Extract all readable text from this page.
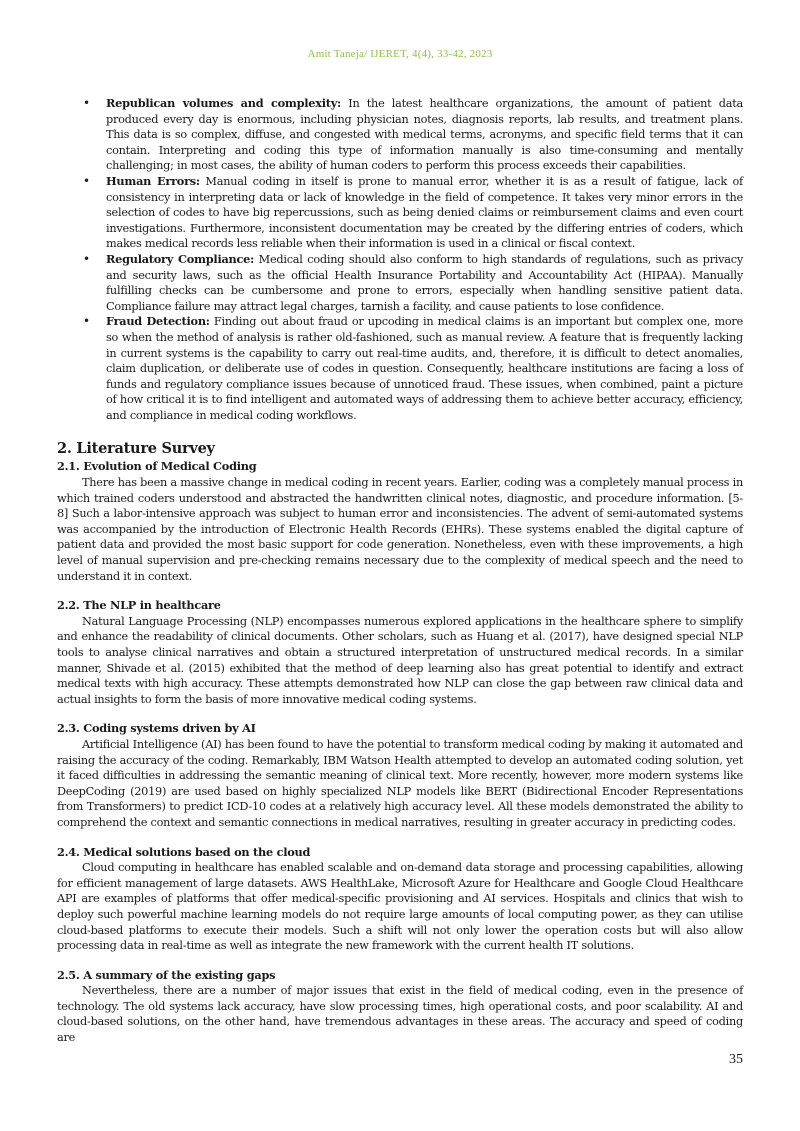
Amit Taneja/ IJERET, 4(4), 33-42, 2023
• Republican volumes and complexity: In the latest healthcare organizations, the amount of patient data produced every day is enormous, including physician notes, diagnosis reports, lab results, and treatment plans. This data is so complex, diffuse, and congested with medical terms, acronyms, and specific field terms that it can contain. Interpreting and coding this type of information manually is also time-consuming and mentally challenging; in most cases, the ability of human coders to perform this process exceeds their capabilities.
• Human Errors: Manual coding in itself is prone to manual error, whether it is as a result of fatigue, lack of consistency in interpreting data or lack of knowledge in the field of competence. It takes very minor errors in the selection of codes to have big repercussions, such as being denied claims or reimbursement claims and even court investigations. Furthermore, inconsistent documentation may be created by the differing entries of coders, which makes medical records less reliable when their information is used in a clinical or fiscal context.
• Regulatory Compliance: Medical coding should also conform to high standards of regulations, such as privacy and security laws, such as the official Health Insurance Portability and Accountability Act (HIPAA). Manually fulfilling checks can be cumbersome and prone to errors, especially when handling sensitive patient data. Compliance failure may attract legal charges, tarnish a facility, and cause patients to lose confidence.
• Fraud Detection: Finding out about fraud or upcoding in medical claims is an important but complex one, more so when the method of analysis is rather old-fashioned, such as manual review. A feature that is frequently lacking in current systems is the capability to carry out real-time audits, and, therefore, it is difficult to detect anomalies, claim duplication, or deliberate use of codes in question. Consequently, healthcare institutions are facing a loss of funds and regulatory compliance issues because of unnoticed fraud. These issues, when combined, paint a picture of how critical it is to find intelligent and automated ways of addressing them to achieve better accuracy, efficiency, and compliance in medical coding workflows.
2. Literature Survey
2.1. Evolution of Medical Coding

There has been a massive change in medical coding in recent years. Earlier, coding was a completely manual process in which trained coders understood and abstracted the handwritten clinical notes, diagnostic, and procedure information. [5-8] Such a labor-intensive approach was subject to human error and inconsistencies. The advent of semi-automated systems was accompanied by the introduction of Electronic Health Records (EHRs). These systems enabled the digital capture of patient data and provided the most basic support for code generation. Nonetheless, even with these improvements, a high level of manual supervision and pre-checking remains necessary due to the complexity of medical speech and the need to understand it in context.

2.2. The NLP in healthcare

Natural Language Processing (NLP) encompasses numerous explored applications in the healthcare sphere to simplify and enhance the readability of clinical documents. Other scholars, such as Huang et al. (2017), have designed special NLP tools to analyse clinical narratives and obtain a structured interpretation of unstructured medical records. In a similar manner, Shivade et al. (2015) exhibited that the method of deep learning also has great potential to identify and extract medical texts with high accuracy. These attempts demonstrated how NLP can close the gap between raw clinical data and actual insights to form the basis of more innovative medical coding systems.

2.3. Coding systems driven by AI

Artificial Intelligence (AI) has been found to have the potential to transform medical coding by making it automated and raising the accuracy of the coding. Remarkably, IBM Watson Health attempted to develop an automated coding solution, yet it faced difficulties in addressing the semantic meaning of clinical text. More recently, however, more modern systems like DeepCoding (2019) are used based on highly specialized NLP models like BERT (Bidirectional Encoder Representations from Transformers) to predict ICD-10 codes at a relatively high accuracy level. All these models demonstrated the ability to comprehend the context and semantic connections in medical narratives, resulting in greater accuracy in predicting codes.

2.4. Medical solutions based on the cloud

Cloud computing in healthcare has enabled scalable and on-demand data storage and processing capabilities, allowing for efficient management of large datasets. AWS HealthLake, Microsoft Azure for Healthcare and Google Cloud Healthcare API are examples of platforms that offer medical-specific provisioning and AI services. Hospitals and clinics that wish to deploy such powerful machine learning models do not require large amounts of local computing power, as they can utilise cloud-based platforms to execute their models. Such a shift will not only lower the operation costs but will also allow processing data in real-time as well as integrate the new framework with the current health IT solutions.

2.5. A summary of the existing gaps

Nevertheless, there are a number of major issues that exist in the field of medical coding, even in the presence of technology. The old systems lack accuracy, have slow processing times, high operational costs, and poor scalability. AI and cloud-based solutions, on the other hand, have tremendous advantages in these areas. The accuracy and speed of coding are

35
